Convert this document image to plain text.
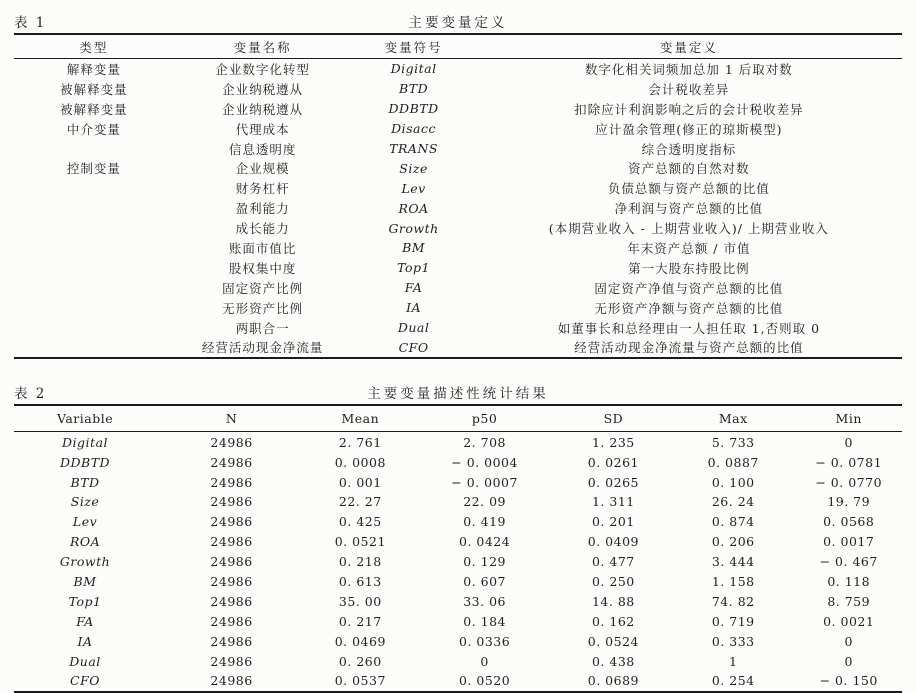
表 1	主要变量定义
类型	变量名称	变量符号	变量定义
解释变量	企业数字化转型	Digital	数字化相关词频加总加 1 后取对数
被解释变量	企业纳税遵从	BTD	会计税收差异
被解释变量	企业纳税遵从	DDBTD	扣除应计利润影响之后的会计税收差异
中介变量	代理成本	Disacc	应计盈余管理(修正的琼斯模型)
	信息透明度	TRANS	综合透明度指标
控制变量	企业规模	Size	资产总额的自然对数
	财务杠杆	Lev	负债总额与资产总额的比值
	盈利能力	ROA	净利润与资产总额的比值
	成长能力	Growth	(本期营业收入 - 上期营业收入)/ 上期营业收入
	账面市值比	BM	年末资产总额 / 市值
	股权集中度	Top1	第一大股东持股比例
	固定资产比例	FA	固定资产净值与资产总额的比值
	无形资产比例	IA	无形资产净额与资产总额的比值
	两职合一	Dual	如董事长和总经理由一人担任取 1,否则取 0
	经营活动现金净流量	CFO	经营活动现金净流量与资产总额的比值
表 2	主要变量描述性统计结果
Variable	N	Mean	p50	SD	Max	Min
Digital	24986	2. 761	2. 708	1. 235	5. 733	0
DDBTD	24986	0. 0008	− 0. 0004	0. 0261	0. 0887	− 0. 0781
BTD	24986	0. 001	− 0. 0007	0. 0265	0. 100	− 0. 0770
Size	24986	22. 27	22. 09	1. 311	26. 24	19. 79
Lev	24986	0. 425	0. 419	0. 201	0. 874	0. 0568
ROA	24986	0. 0521	0. 0424	0. 0409	0. 206	0. 0017
Growth	24986	0. 218	0. 129	0. 477	3. 444	− 0. 467
BM	24986	0. 613	0. 607	0. 250	1. 158	0. 118
Top1	24986	35. 00	33. 06	14. 88	74. 82	8. 759
FA	24986	0. 217	0. 184	0. 162	0. 719	0. 0021
IA	24986	0. 0469	0. 0336	0. 0524	0. 333	0
Dual	24986	0. 260	0	0. 438	1	0
CFO	24986	0. 0537	0. 0520	0. 0689	0. 254	− 0. 150
